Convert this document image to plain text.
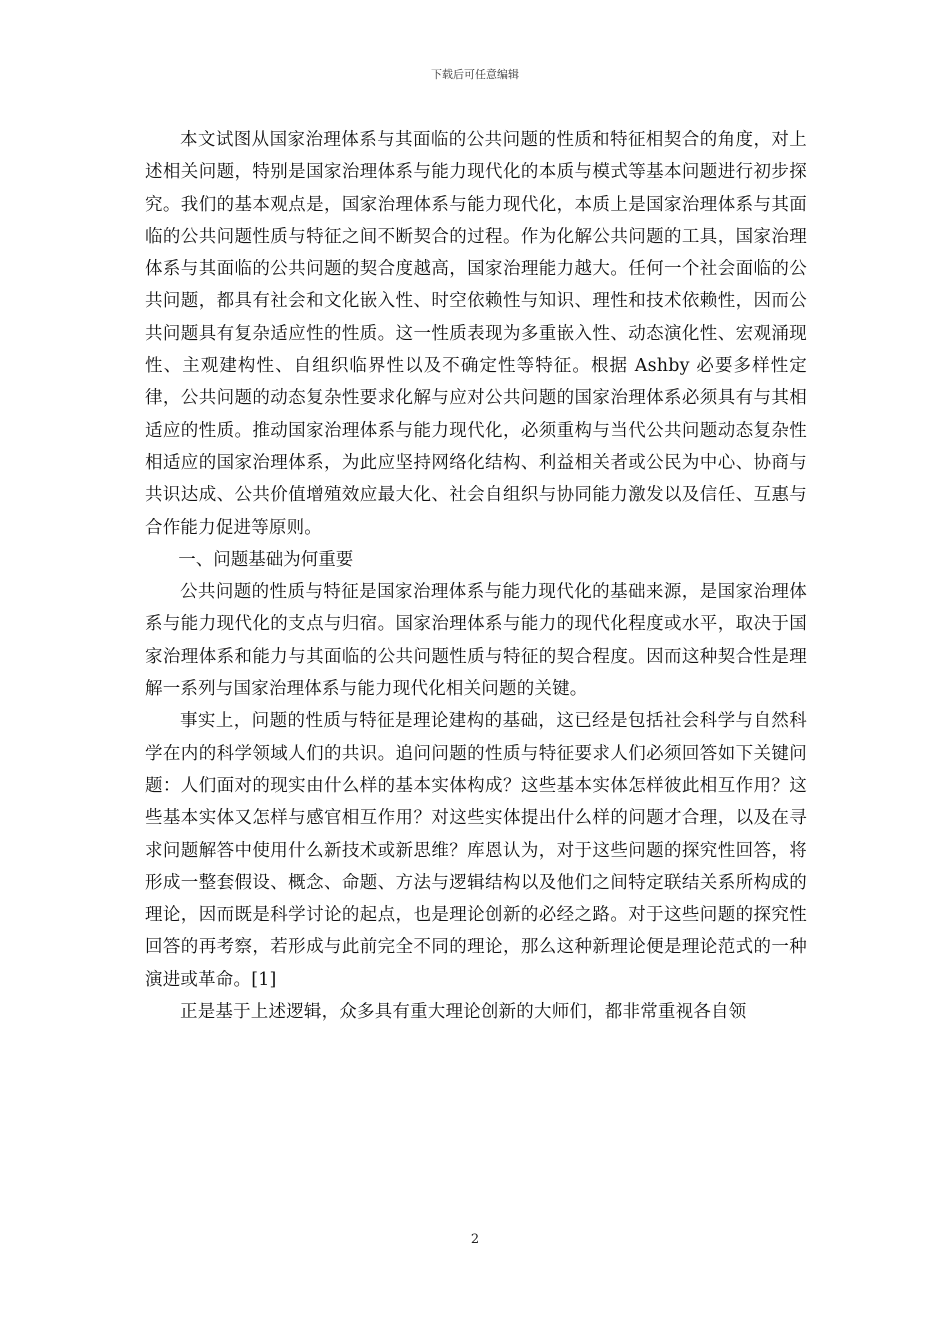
下载后可任意编辑

本文试图从国家治理体系与其面临的公共问题的性质和特征相契合的角度，对上述相关问题，特别是国家治理体系与能力现代化的本质与模式等基本问题进行初步探究。我们的基本观点是，国家治理体系与能力现代化，本质上是国家治理体系与其面临的公共问题性质与特征之间不断契合的过程。作为化解公共问题的工具，国家治理体系与其面临的公共问题的契合度越高，国家治理能力越大。任何一个社会面临的公共问题，都具有社会和文化嵌入性、时空依赖性与知识、理性和技术依赖性，因而公共问题具有复杂适应性的性质。这一性质表现为多重嵌入性、动态演化性、宏观涌现性、主观建构性、自组织临界性以及不确定性等特征。根据 Ashby 必要多样性定律，公共问题的动态复杂性要求化解与应对公共问题的国家治理体系必须具有与其相适应的性质。推动国家治理体系与能力现代化，必须重构与当代公共问题动态复杂性相适应的国家治理体系，为此应坚持网络化结构、利益相关者或公民为中心、协商与共识达成、公共价值增殖效应最大化、社会自组织与协同能力激发以及信任、互惠与合作能力促进等原则。

一、问题基础为何重要

公共问题的性质与特征是国家治理体系与能力现代化的基础来源，是国家治理体系与能力现代化的支点与归宿。国家治理体系与能力的现代化程度或水平，取决于国家治理体系和能力与其面临的公共问题性质与特征的契合程度。因而这种契合性是理解一系列与国家治理体系与能力现代化相关问题的关键。

事实上，问题的性质与特征是理论建构的基础，这已经是包括社会科学与自然科学在内的科学领域人们的共识。追问问题的性质与特征要求人们必须回答如下关键问题：人们面对的现实由什么样的基本实体构成？这些基本实体怎样彼此相互作用？这些基本实体又怎样与感官相互作用？对这些实体提出什么样的问题才合理，以及在寻求问题解答中使用什么新技术或新思维？库恩认为，对于这些问题的探究性回答，将形成一整套假设、概念、命题、方法与逻辑结构以及他们之间特定联结关系所构成的理论，因而既是科学讨论的起点，也是理论创新的必经之路。对于这些问题的探究性回答的再考察，若形成与此前完全不同的理论，那么这种新理论便是理论范式的一种演进或革命。[1]

正是基于上述逻辑，众多具有重大理论创新的大师们，都非常重视各自领

2
